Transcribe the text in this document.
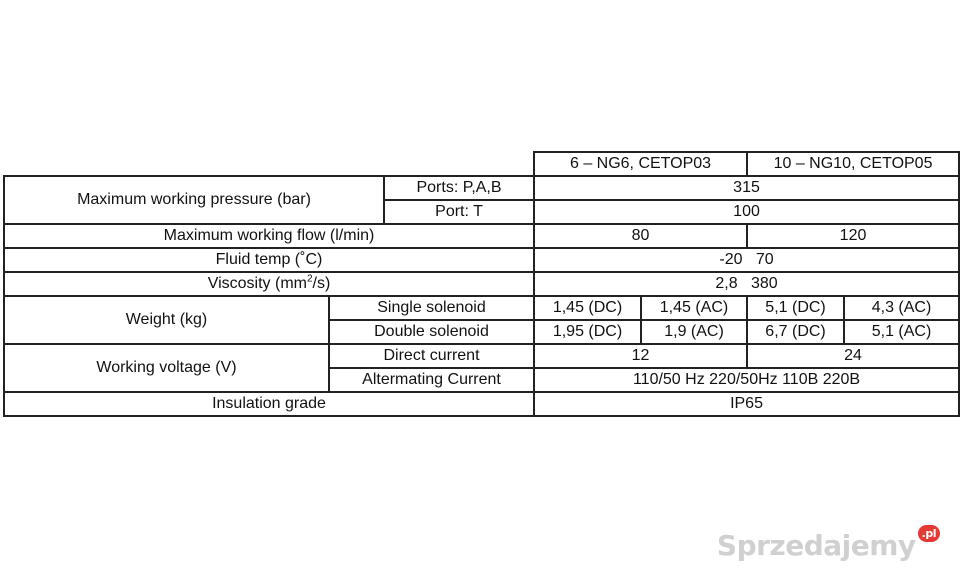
			6 – NG6, CETOP03		10 – NG10, CETOP05	
Maximum working pressure (bar)		Ports: P,A,B	315			
		Port: T	100			
Maximum working flow (l/min)			80		120	
Fluid temp (˚C)			-20   70			
Viscosity $(mm^2/s)$			2,8   380			
Weight (kg)	Single solenoid		1,45 (DC)	1,45 (AC)	5,1 (DC)	4,3 (AC)
	Double solenoid		1,95 (DC)	1,9 (AC)	6,7 (DC)	5,1 (AC)
Working voltage (V)	Direct current		12		24	
	Altermating Current		110/50 Hz 220/50Hz 110B 220B			
Insulation grade			IP65			
Sprzedajemy .pl
